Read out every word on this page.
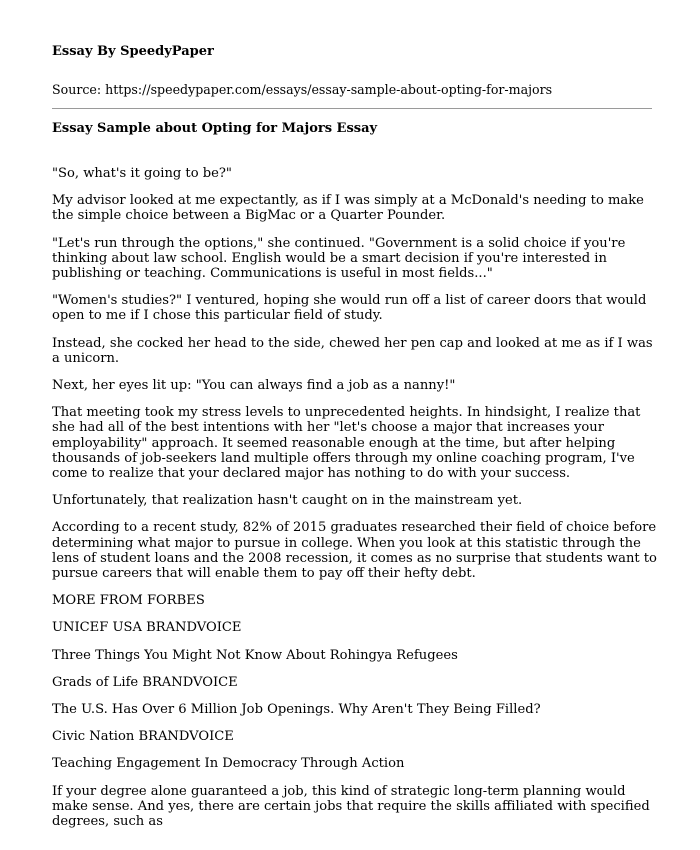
Essay By SpeedyPaper

Source: https://speedypaper.com/essays/essay-sample-about-opting-for-majors
Essay Sample about Opting for Majors Essay

"So, what's it going to be?"

My advisor looked at me expectantly, as if I was simply at a McDonald's needing to make the simple choice between a BigMac or a Quarter Pounder.

"Let's run through the options," she continued. "Government is a solid choice if you're thinking about law school. English would be a smart decision if you're interested in publishing or teaching. Communications is useful in most fields..."

"Women's studies?" I ventured, hoping she would run off a list of career doors that would open to me if I chose this particular field of study.

Instead, she cocked her head to the side, chewed her pen cap and looked at me as if I was a unicorn.

Next, her eyes lit up: "You can always find a job as a nanny!"

That meeting took my stress levels to unprecedented heights. In hindsight, I realize that she had all of the best intentions with her "let's choose a major that increases your employability" approach. It seemed reasonable enough at the time, but after helping thousands of job-seekers land multiple offers through my online coaching program, I've come to realize that your declared major has nothing to do with your success.

Unfortunately, that realization hasn't caught on in the mainstream yet.

According to a recent study, 82% of 2015 graduates researched their field of choice before determining what major to pursue in college. When you look at this statistic through the lens of student loans and the 2008 recession, it comes as no surprise that students want to pursue careers that will enable them to pay off their hefty debt.

MORE FROM FORBES

UNICEF USA BRANDVOICE

Three Things You Might Not Know About Rohingya Refugees

Grads of Life BRANDVOICE

The U.S. Has Over 6 Million Job Openings. Why Aren't They Being Filled?

Civic Nation BRANDVOICE

Teaching Engagement In Democracy Through Action

If your degree alone guaranteed a job, this kind of strategic long-term planning would make sense. And yes, there are certain jobs that require the skills affiliated with specified degrees, such as
